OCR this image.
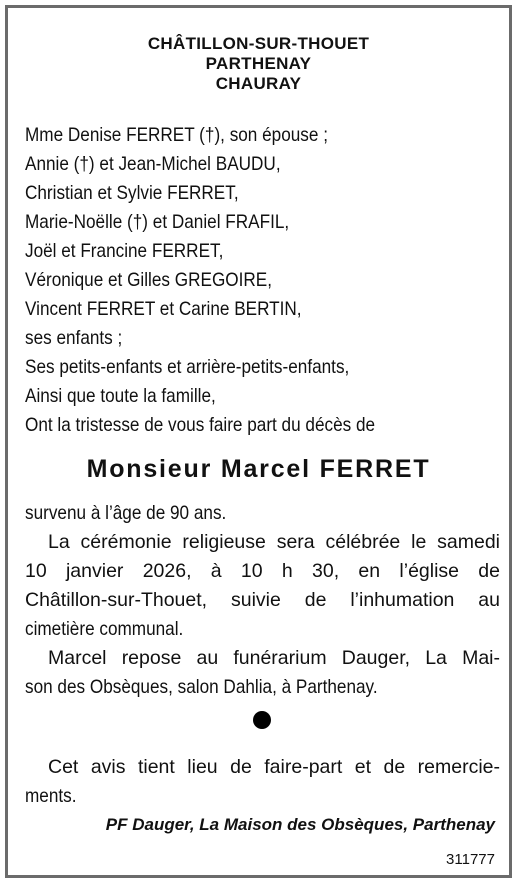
CHÂTILLON-SUR-THOUET
PARTHENAY
CHAURAY
Mme Denise FERRET (†), son épouse ;
Annie (†) et Jean-Michel BAUDU,
Christian et Sylvie FERRET,
Marie-Noëlle (†) et Daniel FRAFIL,
Joël et Francine FERRET,
Véronique et Gilles GREGOIRE,
Vincent FERRET et Carine BERTIN,
ses enfants ;
Ses petits-enfants et arrière-petits-enfants,
Ainsi que toute la famille,
Ont la tristesse de vous faire part du décès de
Monsieur Marcel FERRET
survenu à l’âge de 90 ans.
La cérémonie religieuse sera célébrée le samedi
10 janvier 2026, à 10 h 30, en l’église de
Châtillon-sur-Thouet, suivie de l’inhumation au
cimetière communal.
Marcel repose au funérarium Dauger, La Mai-
son des Obsèques, salon Dahlia, à Parthenay.
Cet avis tient lieu de faire-part et de remercie-
ments.
PF Dauger, La Maison des Obsèques, Parthenay
311777
